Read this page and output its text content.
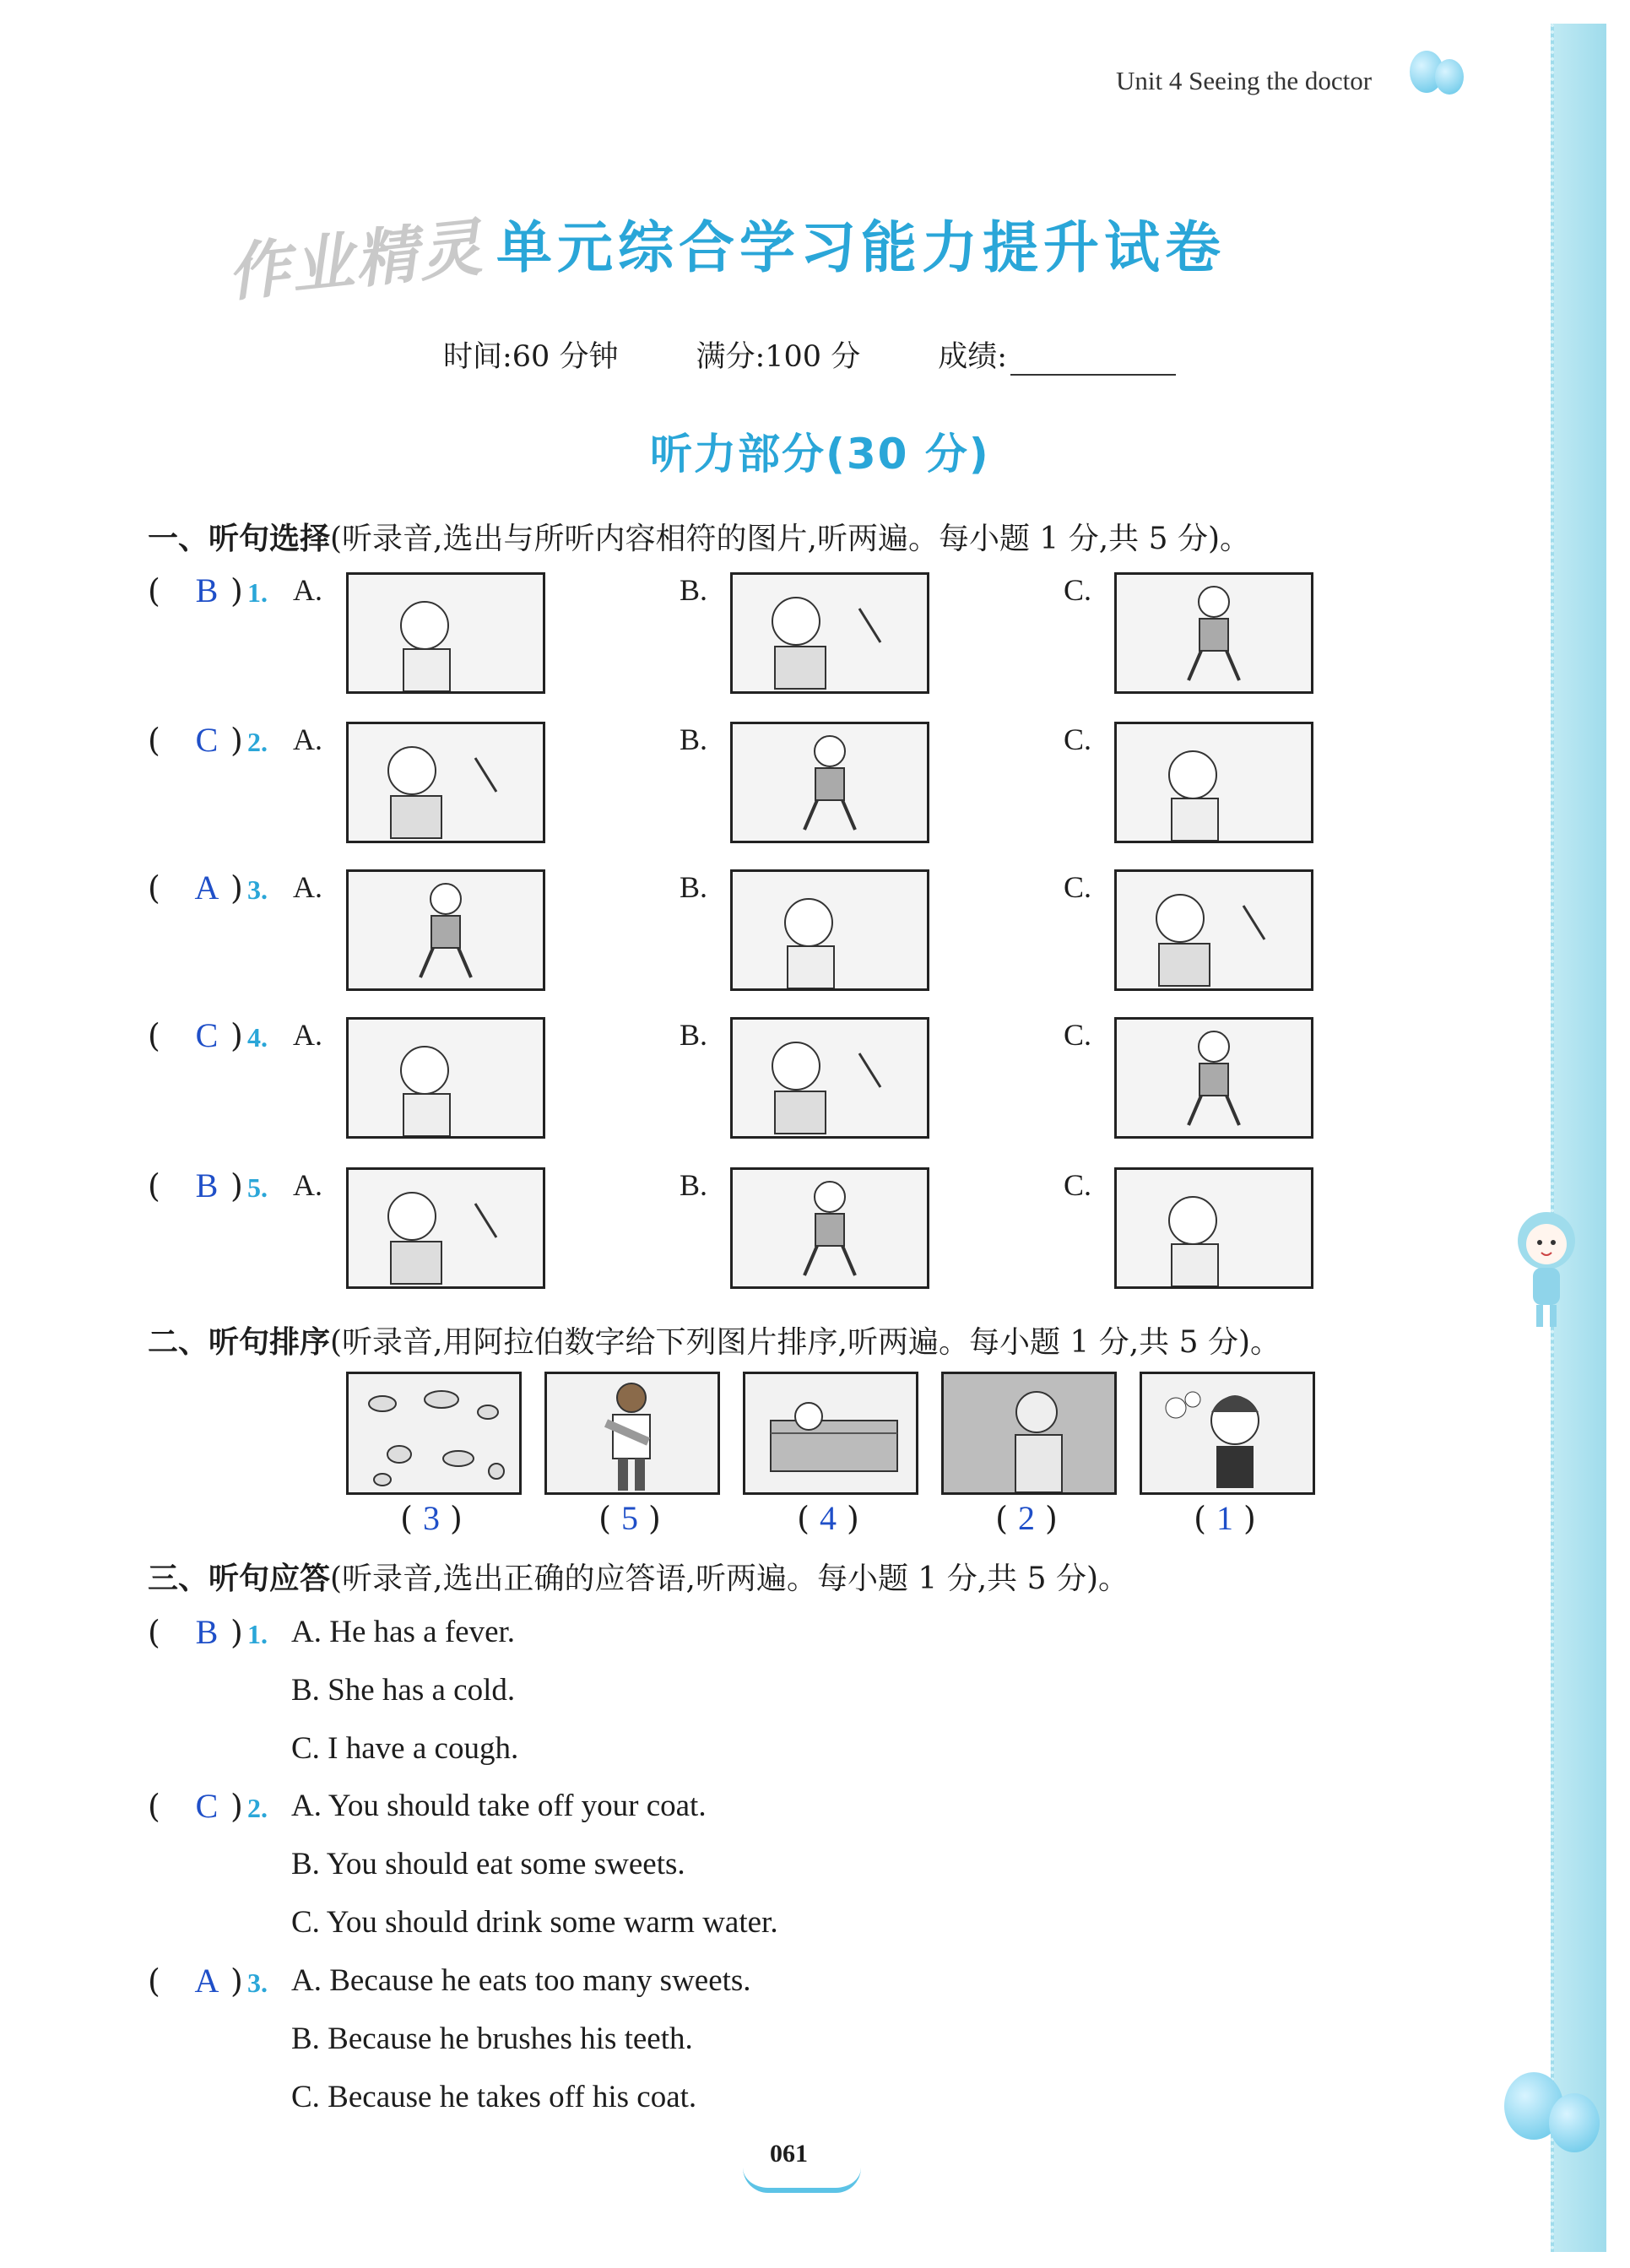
Unit 4 Seeing the doctor
作业精灵 单元综合学习能力提升试卷
时间:60 分钟	满分:100 分	成绩:
听力部分(30 分)
一、听句选择(听录音,选出与所听内容相符的图片,听两遍。每小题 1 分,共 5 分)。
(	B ) 1. A.	B.	C.
(	C ) 2. A.	B.	C.
(	A ) 3. A.	B.	C.
(	C ) 4. A.	B.	C.
(	B ) 5. A.	B.	C.
二、听句排序(听录音,用阿拉伯数字给下列图片排序,听两遍。每小题 1 分,共 5 分)。
( 3 )	( 5 )	( 4 )	( 2 )	( 1 )
三、听句应答(听录音,选出正确的应答语,听两遍。每小题 1 分,共 5 分)。
(	B ) 1. A. He has a fever.
B. She has a cold.
C. I have a cough.
(	C ) 2. A. You should take off your coat.
B. You should eat some sweets.
C. You should drink some warm water.
(	A ) 3. A. Because he eats too many sweets.
B. Because he brushes his teeth.
C. Because he takes off his coat.
061
